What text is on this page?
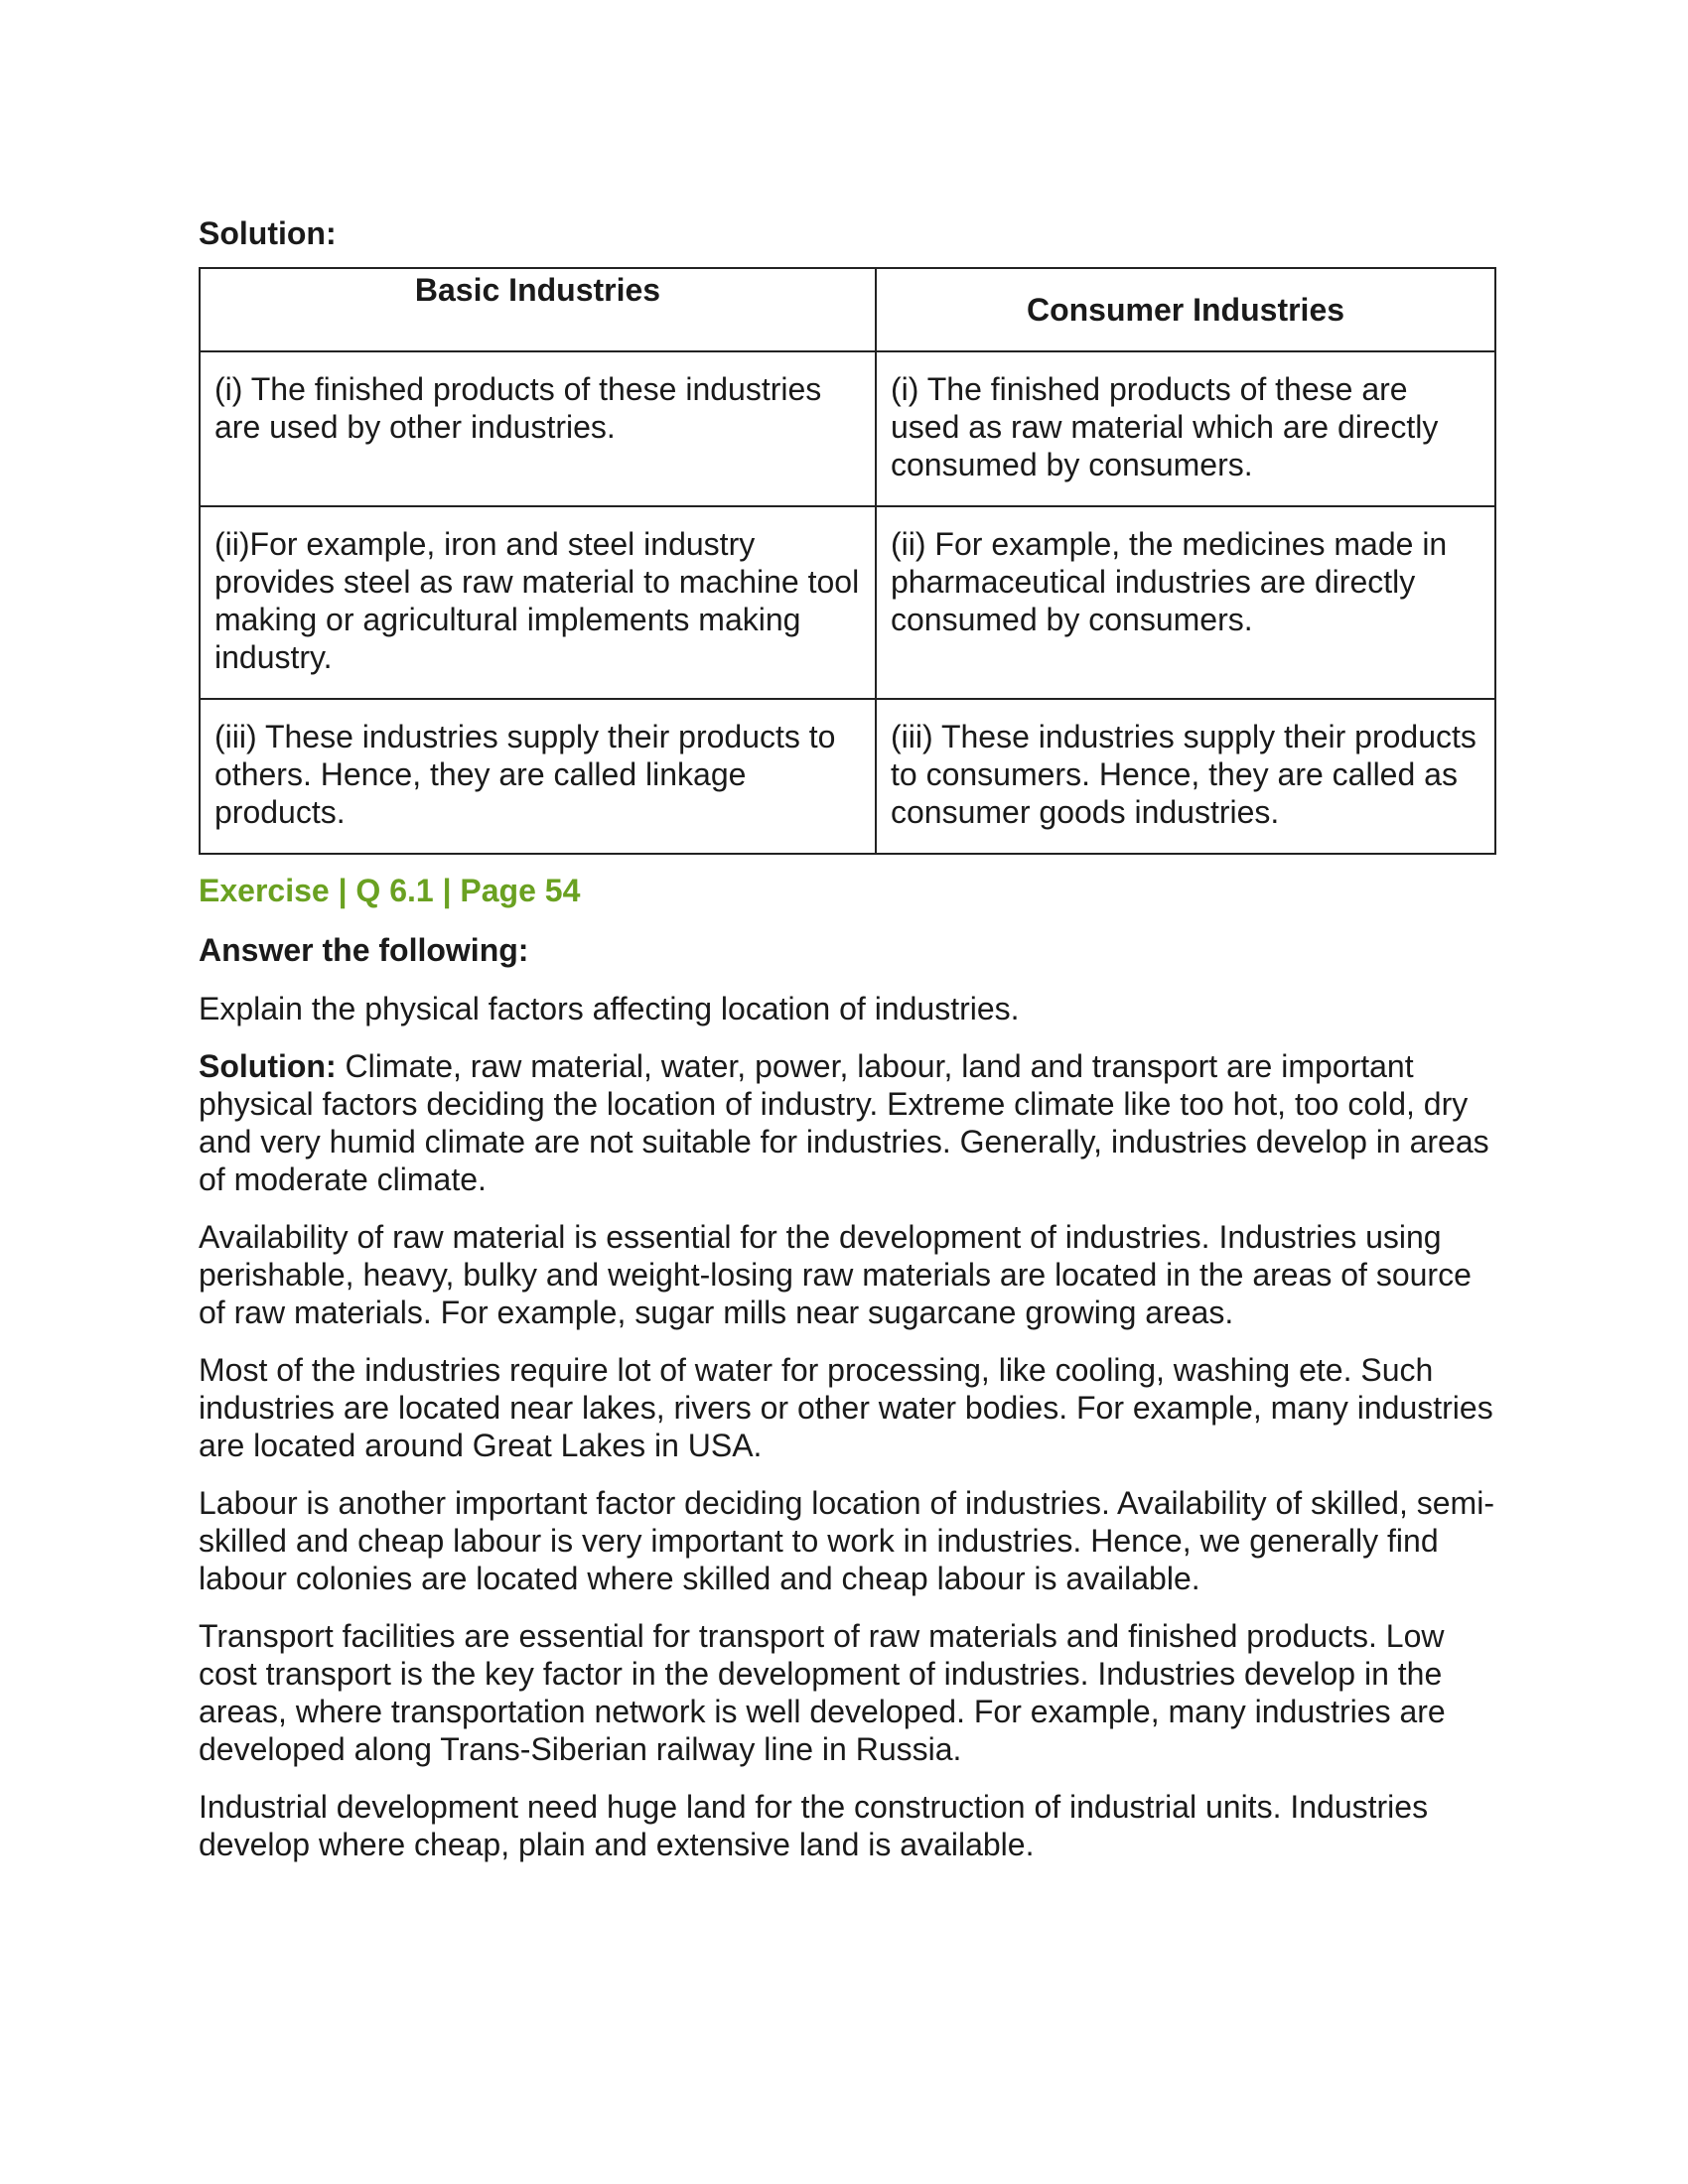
Solution:

Basic Industries	Consumer Industries
(i) The finished products of these industries are used by other industries.	(i) The finished products of these are used as raw material which are directly consumed by consumers.
(ii)For example, iron and steel industry provides steel as raw material to machine tool making or agricultural implements making industry.	(ii) For example, the medicines made in pharmaceutical industries are directly consumed by consumers.
(iii) These industries supply their products to others. Hence, they are called linkage products.	(iii) These industries supply their products to consumers. Hence, they are called as consumer goods industries.

Exercise | Q 6.1 | Page 54

Answer the following:

Explain the physical factors affecting location of industries.

Solution: Climate, raw material, water, power, labour, land and transport are important physical factors deciding the location of industry. Extreme climate like too hot, too cold, dry and very humid climate are not suitable for industries. Generally, industries develop in areas of moderate climate.

Availability of raw material is essential for the development of industries. Industries using perishable, heavy, bulky and weight-losing raw materials are located in the areas of source of raw materials. For example, sugar mills near sugarcane growing areas.

Most of the industries require lot of water for processing, like cooling, washing ete. Such industries are located near lakes, rivers or other water bodies. For example, many industries are located around Great Lakes in USA.

Labour is another important factor deciding location of industries. Availability of skilled, semi-skilled and cheap labour is very important to work in industries. Hence, we generally find labour colonies are located where skilled and cheap labour is available.

Transport facilities are essential for transport of raw materials and finished products. Low cost transport is the key factor in the development of industries. Industries develop in the areas, where transportation network is well developed. For example, many industries are developed along Trans-Siberian railway line in Russia.

Industrial development need huge land for the construction of industrial units. Industries develop where cheap, plain and extensive land is available.
